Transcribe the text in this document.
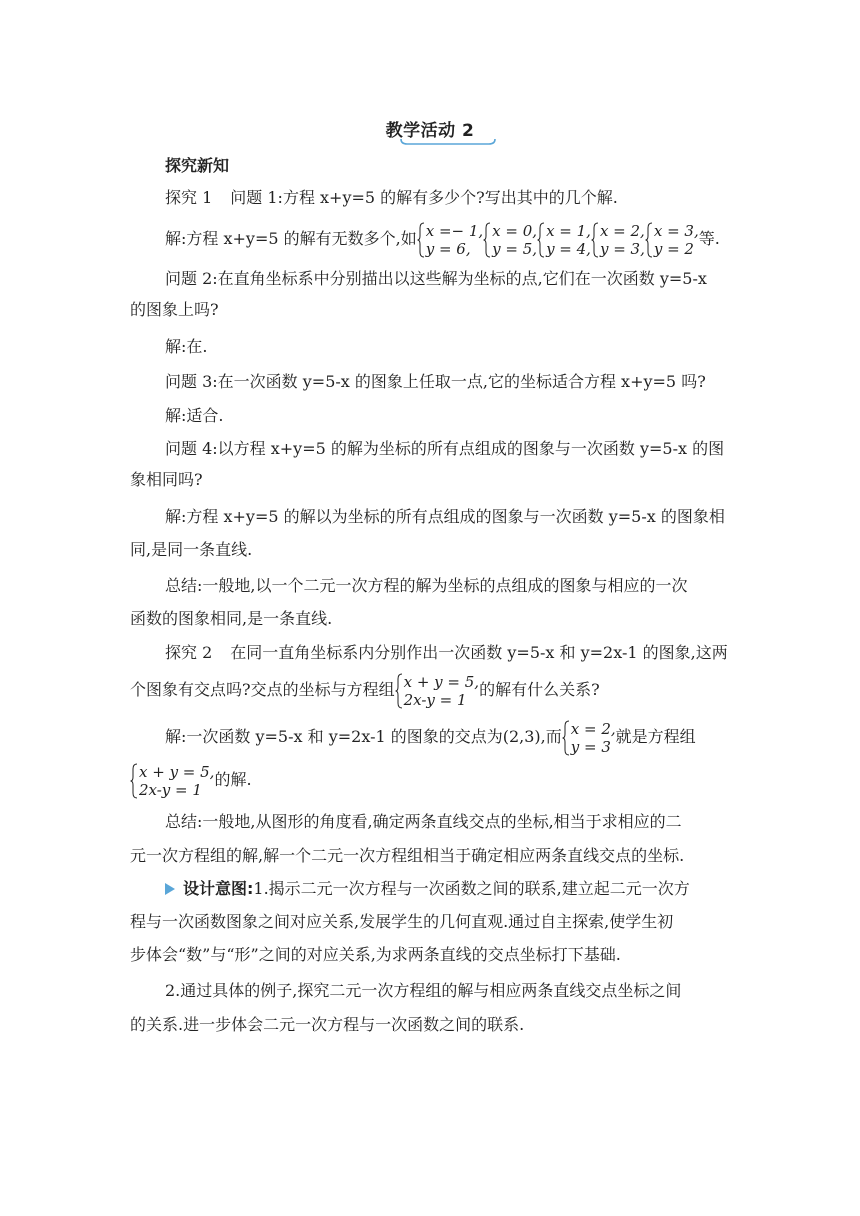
教学活动 2
探究新知
探究 1 问题 1:方程 x+y=5 的解有多少个?写出其中的几个解.
解:方程 x+y=5 的解有无数多个,如 x =− 1,
y = 6,
x = 0,
y = 5,
x = 1,
y = 4,
x = 2,
y = 3,
x = 3,
y = 2
等.
问题 2:在直角坐标系中分别描出以这些解为坐标的点,它们在一次函数 y=5-x
的图象上吗?
解:在.
问题 3:在一次函数 y=5-x 的图象上任取一点,它的坐标适合方程 x+y=5 吗?
解:适合.
问题 4:以方程 x+y=5 的解为坐标的所有点组成的图象与一次函数 y=5-x 的图
象相同吗?
解:方程 x+y=5 的解以为坐标的所有点组成的图象与一次函数 y=5-x 的图象相
同,是同一条直线.
总结:一般地,以一个二元一次方程的解为坐标的点组成的图象与相应的一次
函数的图象相同,是一条直线.
探究 2 在同一直角坐标系内分别作出一次函数 y=5-x 和 y=2x-1 的图象,这两
个图象有交点吗?交点的坐标与方程组 x + y = 5,
2x-y = 1
的解有什么关系?
解:一次函数 y=5-x 和 y=2x-1 的图象的交点为(2,3),而 x = 2,
y = 3
就是方程组
x + y = 5,
2x-y = 1
的解.
总结:一般地,从图形的角度看,确定两条直线交点的坐标,相当于求相应的二
元一次方程组的解,解一个二元一次方程组相当于确定相应两条直线交点的坐标.
设计意图:1.揭示二元一次方程与一次函数之间的联系,建立起二元一次方
程与一次函数图象之间对应关系,发展学生的几何直观.通过自主探索,使学生初
步体会“数”与“形”之间的对应关系,为求两条直线的交点坐标打下基础.
2.通过具体的例子,探究二元一次方程组的解与相应两条直线交点坐标之间
的关系.进一步体会二元一次方程与一次函数之间的联系.
